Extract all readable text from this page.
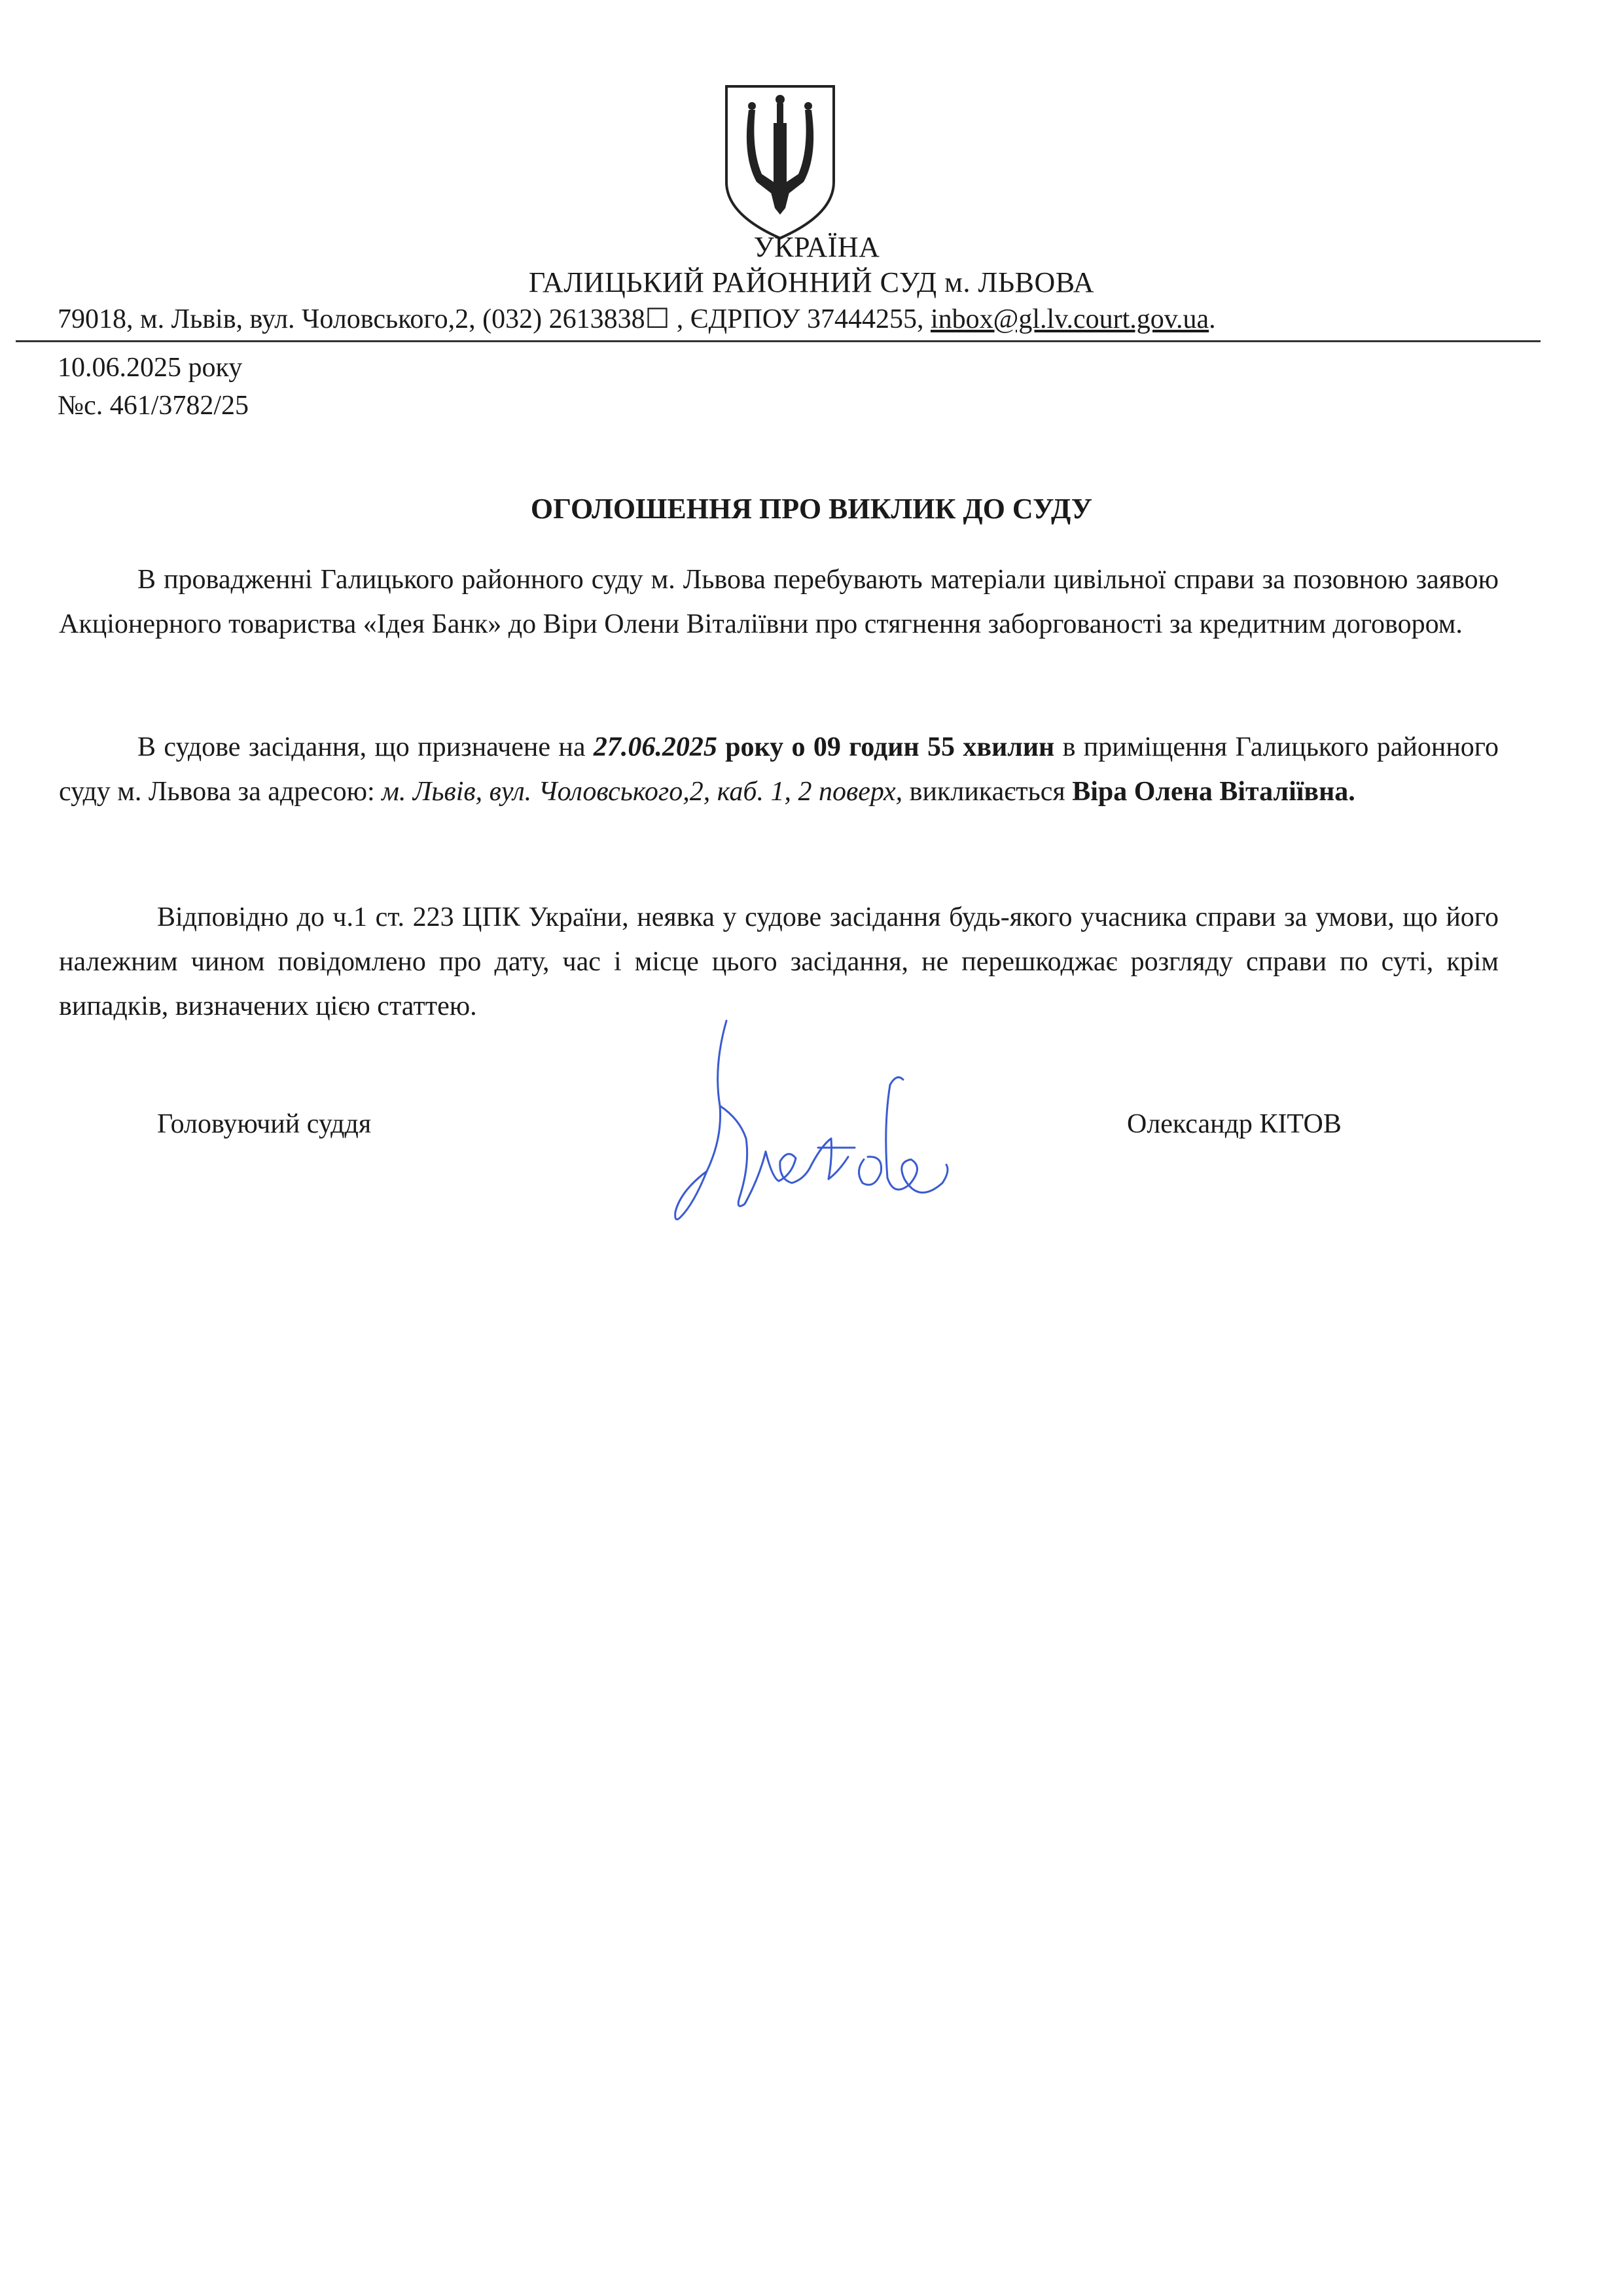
УКРАЇНА
ГАЛИЦЬКИЙ РАЙОННИЙ СУД м. ЛЬВОВА
79018, м. Львів, вул. Чоловського,2, (032) 2613838☐ , ЄДРПОУ 37444255, inbox@gl.lv.court.gov.ua.
10.06.2025 року
№с. 461/3782/25
ОГОЛОШЕННЯ ПРО ВИКЛИК ДО СУДУ
В провадженні Галицького районного суду м. Львова перебувають матеріали цивільної справи за позовною заявою Акціонерного товариства «Ідея Банк» до Віри Олени Віталіївни про стягнення заборгованості за кредитним договором.
В судове засідання, що призначене на 27.06.2025 року о 09 годин 55 хвилин в приміщення Галицького районного суду м. Львова за адресою: м. Львів, вул. Чоловського,2, каб. 1, 2 поверх, викликається Віра Олена Віталіївна.
Відповідно до ч.1 ст. 223 ЦПК України, неявка у судове засідання будь-якого учасника справи за умови, що його належним чином повідомлено про дату, час і місце цього засідання, не перешкоджає розгляду справи по суті, крім випадків, визначених цією статтею.
Головуючий суддя	Олександр КІТОВ
